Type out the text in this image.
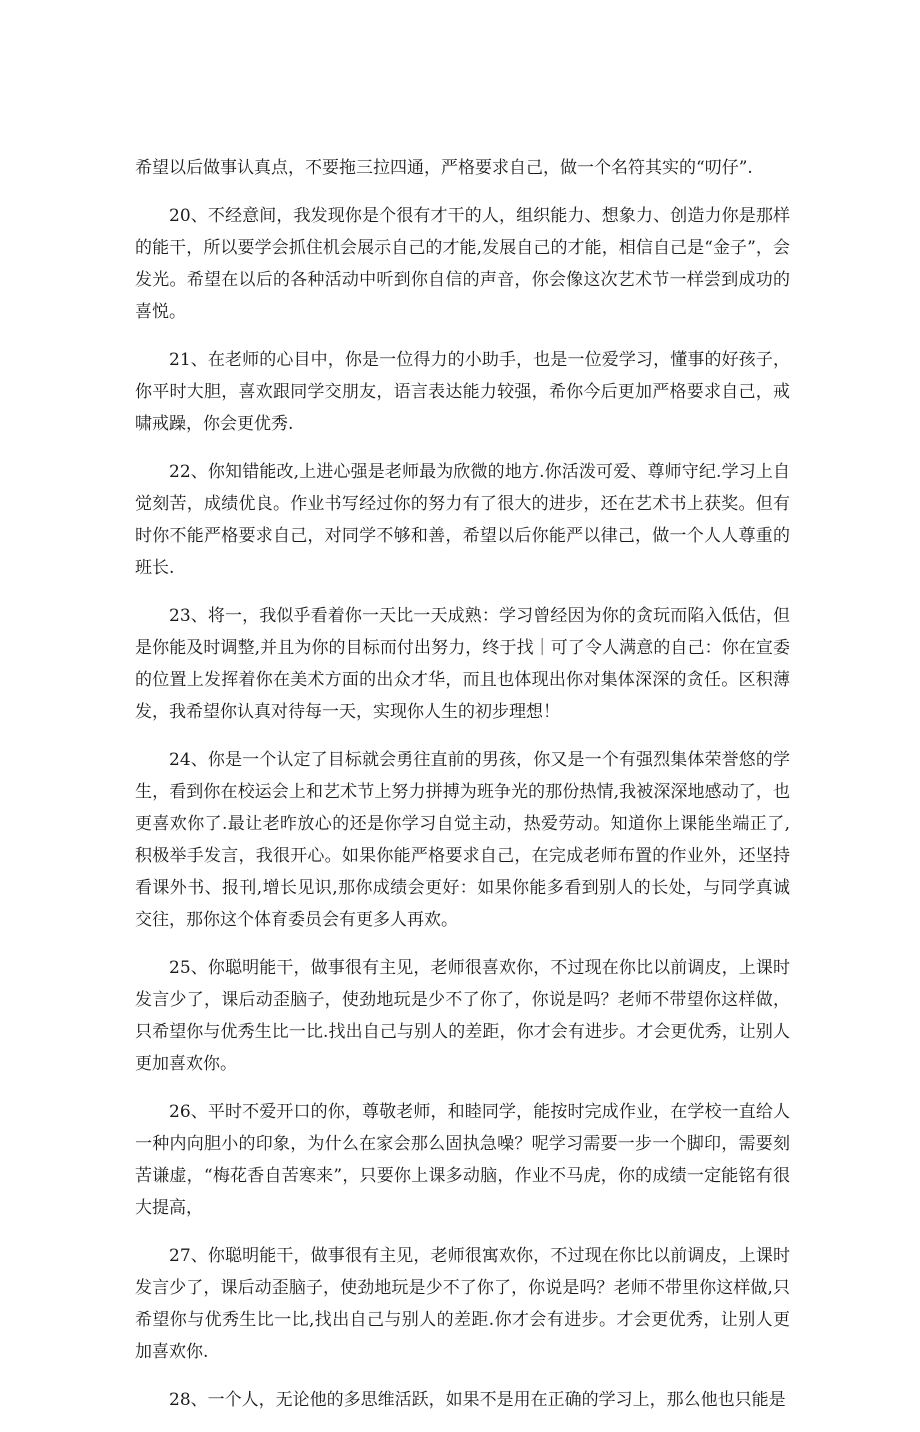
希望以后做事认真点，不要拖三拉四通，严格要求自己，做一个名符其实的“叨仔”.

20、不经意间，我发现你是个很有才干的人，组织能力、想象力、创造力你是那样的能干，所以要学会抓住机会展示自己的才能,发展自己的才能，相信自己是“金子”，会发光。希望在以后的各种活动中听到你自信的声音，你会像这次艺术节一样尝到成功的喜悦。

21、在老师的心目中，你是一位得力的小助手，也是一位爱学习，懂事的好孩子，你平时大胆，喜欢跟同学交朋友，语言表达能力较强，希你今后更加严格要求自己，戒啸戒躁，你会更优秀.

22、你知错能改,上进心强是老师最为欣微的地方.你活泼可爱、尊师守纪.学习上自觉刻苦，成绩优良。作业书写经过你的努力有了很大的进步，还在艺术书上获奖。但有时你不能严格要求自己，对同学不够和善，希望以后你能严以律己，做一个人人尊重的班长.

23、将一，我似乎看着你一天比一天成熟：学习曾经因为你的贪玩而陷入低估，但是你能及时调整,并且为你的目标而付出努力，终于找｜可了令人满意的自己：你在宣委的位置上发挥着你在美术方面的出众才华，而且也体现出你对集体深深的贪任。区积薄发，我希望你认真对待每一天，实现你人生的初步理想！

24、你是一个认定了目标就会勇往直前的男孩，你又是一个有强烈集体荣誉悠的学生，看到你在校运会上和艺术节上努力拼搏为班争光的那份热情,我被深深地感动了，也更喜欢你了.最让老昨放心的还是你学习自觉主动，热爱劳动。知道你上课能坐端正了,积极举手发言，我很开心。如果你能严格要求自己，在完成老师布置的作业外，还坚持看课外书、报刊,增长见识,那你成绩会更好：如果你能多看到别人的长处，与同学真诚交往，那你这个体育委员会有更多人再欢。

25、你聪明能干，做事很有主见，老师很喜欢你，不过现在你比以前调皮，上课时发言少了，课后动歪脑子，使劲地玩是少不了你了，你说是吗？老师不带望你这样做，只希望你与优秀生比一比.找出自己与别人的差距，你才会有进步。才会更优秀，让别人更加喜欢你。

26、平时不爱开口的你，尊敬老师，和睦同学，能按时完成作业，在学校一直给人一种内向胆小的印象，为什么在家会那么固执急噪？呢学习需要一步一个脚印，需要刻苦谦虚，“梅花香自苦寒来”，只要你上课多动脑，作业不马虎，你的成绩一定能铭有很大提高，

27、你聪明能干，做事很有主见，老师很寓欢你，不过现在你比以前调皮，上课时发言少了，课后动歪脑子，使劲地玩是少不了你了，你说是吗？老师不带里你这样做,只希望你与优秀生比一比,找出自己与别人的差距.你才会有进步。才会更优秀，让别人更加喜欢你.

28、一个人，无论他的多思维活跃，如果不是用在正确的学习上，那么他也只能是
